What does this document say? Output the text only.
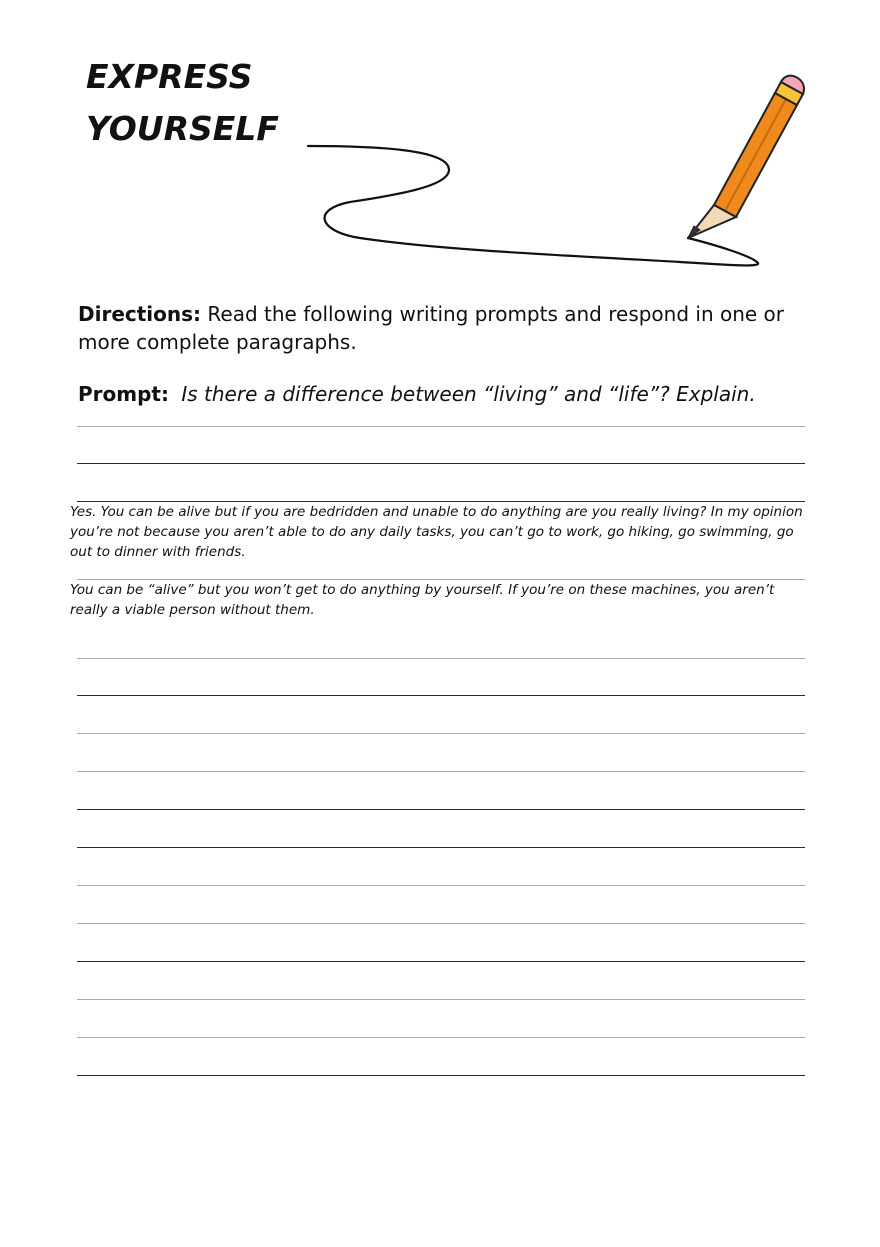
EXPRESS
YOURSELF
Directions: Read the following writing prompts and respond in one or more complete paragraphs.
Prompt: Is there a difference between “living” and “life”? Explain.

Yes. You can be alive but if you are bedridden and unable to do anything are you really living? In my opinion you’re not because you aren’t able to do any daily tasks, you can’t go to work, go hiking, go swimming, go out to dinner with friends.

You can be “alive” but you won’t get to do anything by yourself. If you’re on these machines, you aren’t really a viable person without them.
